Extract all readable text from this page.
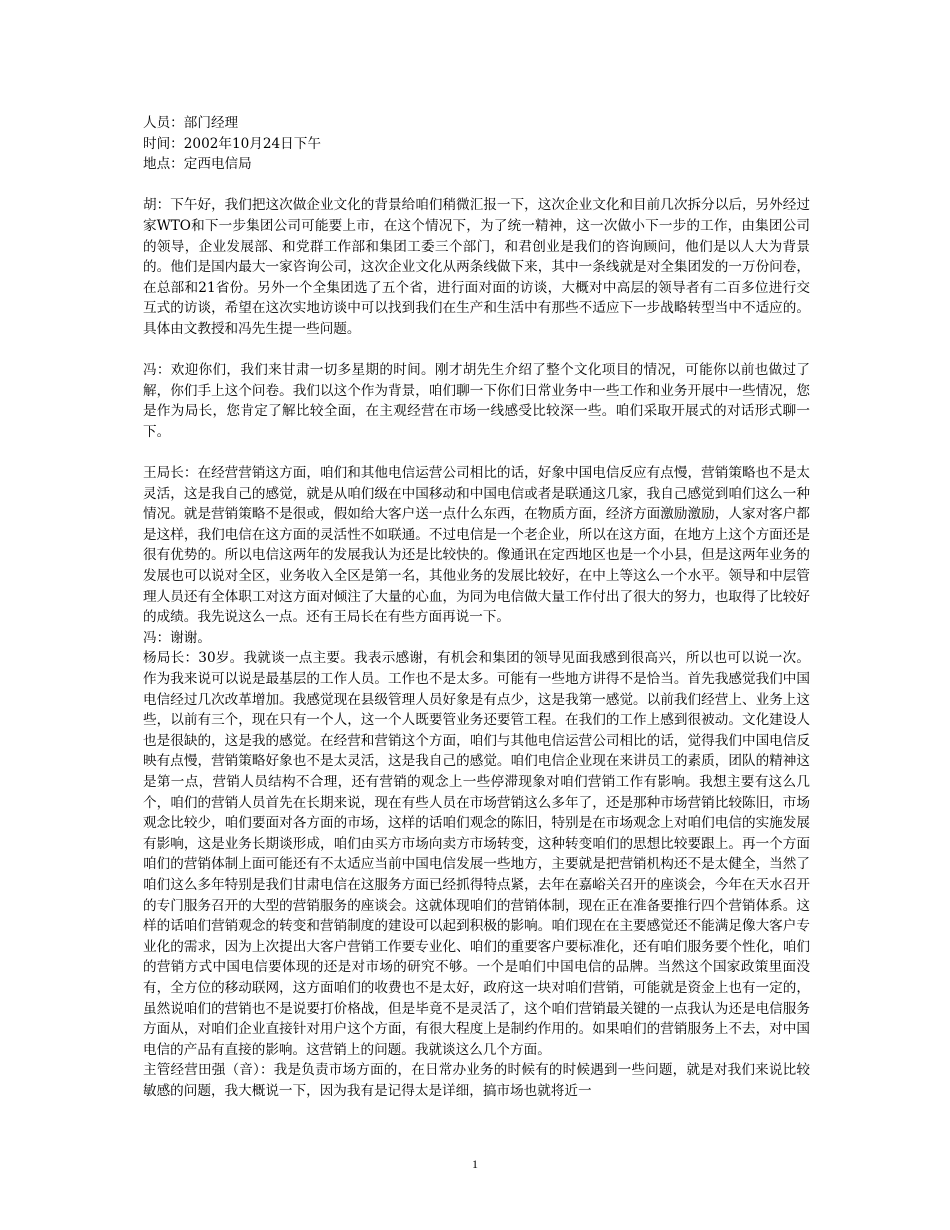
人员：部门经理

时间：2002年10月24日下午

地点：定西电信局

胡：下午好，我们把这次做企业文化的背景给咱们稍微汇报一下，这次企业文化和目前几次拆分以后，另外经过家WTO和下一步集团公司可能要上市，在这个情况下，为了统一精神，这一次做小下一步的工作，由集团公司的领导，企业发展部、和党群工作部和集团工委三个部门，和君创业是我们的咨询顾问，他们是以人大为背景的。他们是国内最大一家咨询公司，这次企业文化从两条线做下来，其中一条线就是对全集团发的一万份问卷，在总部和21省份。另外一个全集团选了五个省，进行面对面的访谈，大概对中高层的领导者有二百多位进行交互式的访谈，希望在这次实地访谈中可以找到我们在生产和生活中有那些不适应下一步战略转型当中不适应的。具体由文教授和冯先生提一些问题。

冯：欢迎你们，我们来甘肃一切多星期的时间。刚才胡先生介绍了整个文化项目的情况，可能你以前也做过了解，你们手上这个问卷。我们以这个作为背景，咱们聊一下你们日常业务中一些工作和业务开展中一些情况，您是作为局长，您肯定了解比较全面，在主观经营在市场一线感受比较深一些。咱们采取开展式的对话形式聊一下。

王局长：在经营营销这方面，咱们和其他电信运营公司相比的话，好象中国电信反应有点慢，营销策略也不是太灵活，这是我自己的感觉，就是从咱们级在中国移动和中国电信或者是联通这几家，我自己感觉到咱们这么一种情况。就是营销策略不是很或，假如给大客户送一点什么东西，在物质方面，经济方面激励激励，人家对客户都是这样，我们电信在这方面的灵活性不如联通。不过电信是一个老企业，所以在这方面，在地方上这个方面还是很有优势的。所以电信这两年的发展我认为还是比较快的。像通讯在定西地区也是一个小县，但是这两年业务的发展也可以说对全区，业务收入全区是第一名，其他业务的发展比较好，在中上等这么一个水平。领导和中层管理人员还有全体职工对这方面对倾注了大量的心血，为同为电信做大量工作付出了很大的努力，也取得了比较好的成绩。我先说这么一点。还有王局长在有些方面再说一下。

冯：谢谢。

杨局长：30岁。我就谈一点主要。我表示感谢，有机会和集团的领导见面我感到很高兴，所以也可以说一次。作为我来说可以说是最基层的工作人员。工作也不是太多。可能有一些地方讲得不是恰当。首先我感觉我们中国电信经过几次改革增加。我感觉现在县级管理人员好象是有点少，这是我第一感觉。以前我们经营上、业务上这些，以前有三个，现在只有一个人，这一个人既要管业务还要管工程。在我们的工作上感到很被动。文化建设人也是很缺的，这是我的感觉。在经营和营销这个方面，咱们与其他电信运营公司相比的话，觉得我们中国电信反映有点慢，营销策略好象也不是太灵活，这是我自己的感觉。咱们电信企业现在来讲员工的素质，团队的精神这是第一点，营销人员结构不合理，还有营销的观念上一些停滞现象对咱们营销工作有影响。我想主要有这么几个，咱们的营销人员首先在长期来说，现在有些人员在市场营销这么多年了，还是那种市场营销比较陈旧，市场观念比较少，咱们要面对各方面的市场，这样的话咱们观念的陈旧，特别是在市场观念上对咱们电信的实施发展有影响，这是业务长期谈形成，咱们由买方市场向卖方市场转变，这种转变咱们的思想比较要跟上。再一个方面咱们的营销体制上面可能还有不太适应当前中国电信发展一些地方，主要就是把营销机构还不是太健全，当然了咱们这么多年特别是我们甘肃电信在这服务方面已经抓得特点紧，去年在嘉峪关召开的座谈会，今年在天水召开的专门服务召开的大型的营销服务的座谈会。这就体现咱们的营销体制，现在正在准备要推行四个营销体系。这样的话咱们营销观念的转变和营销制度的建设可以起到积极的影响。咱们现在在主要感觉还不能满足像大客户专业化的需求，因为上次提出大客户营销工作要专业化、咱们的重要客户要标准化，还有咱们服务要个性化，咱们的营销方式中国电信要体现的还是对市场的研究不够。一个是咱们中国电信的品牌。当然这个国家政策里面没有，全方位的移动联网，这方面咱们的收费也不是太好，政府这一块对咱们营销，可能就是资金上也有一定的，虽然说咱们的营销也不是说要打价格战，但是毕竟不是灵活了，这个咱们营销最关键的一点我认为还是电信服务方面从，对咱们企业直接针对用户这个方面，有很大程度上是制约作用的。如果咱们的营销服务上不去，对中国电信的产品有直接的影响。这营销上的问题。我就谈这么几个方面。

主管经营田强（音）：我是负责市场方面的，在日常办业务的时候有的时候遇到一些问题，就是对我们来说比较敏感的问题，我大概说一下，因为我有是记得太是详细，搞市场也就将近一

1
